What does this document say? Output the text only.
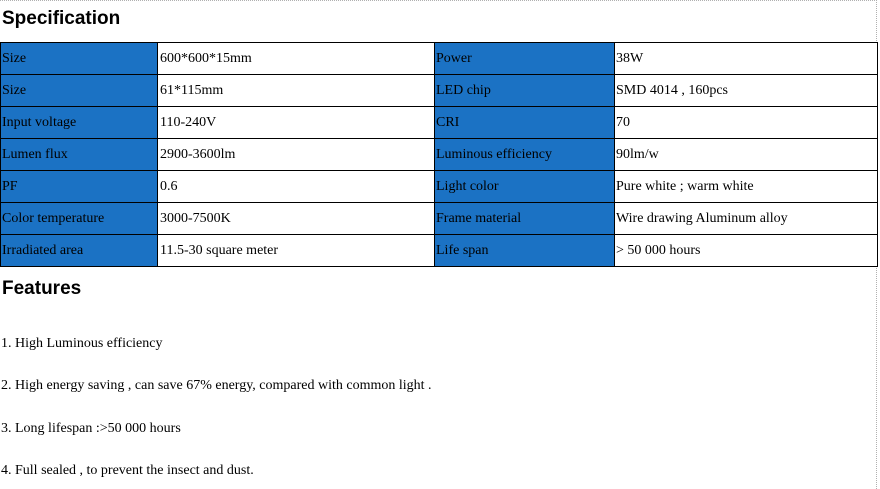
Specification
Size	600*600*15mm	Power	38W
Size	61*115mm	LED chip	SMD 4014 , 160pcs
Input voltage	110-240V	CRI	70
Lumen flux	2900-3600lm	Luminous efficiency	90lm/w
PF	0.6	Light color	Pure white ; warm white
Color temperature	3000-7500K	Frame material	Wire drawing Aluminum alloy
Irradiated area	11.5-30 square meter	Life span	> 50 000 hours
Features

1. High Luminous efficiency

2. High energy saving , can save 67% energy, compared with common light .

3. Long lifespan :>50 000 hours

4. Full sealed , to prevent the insect and dust.
